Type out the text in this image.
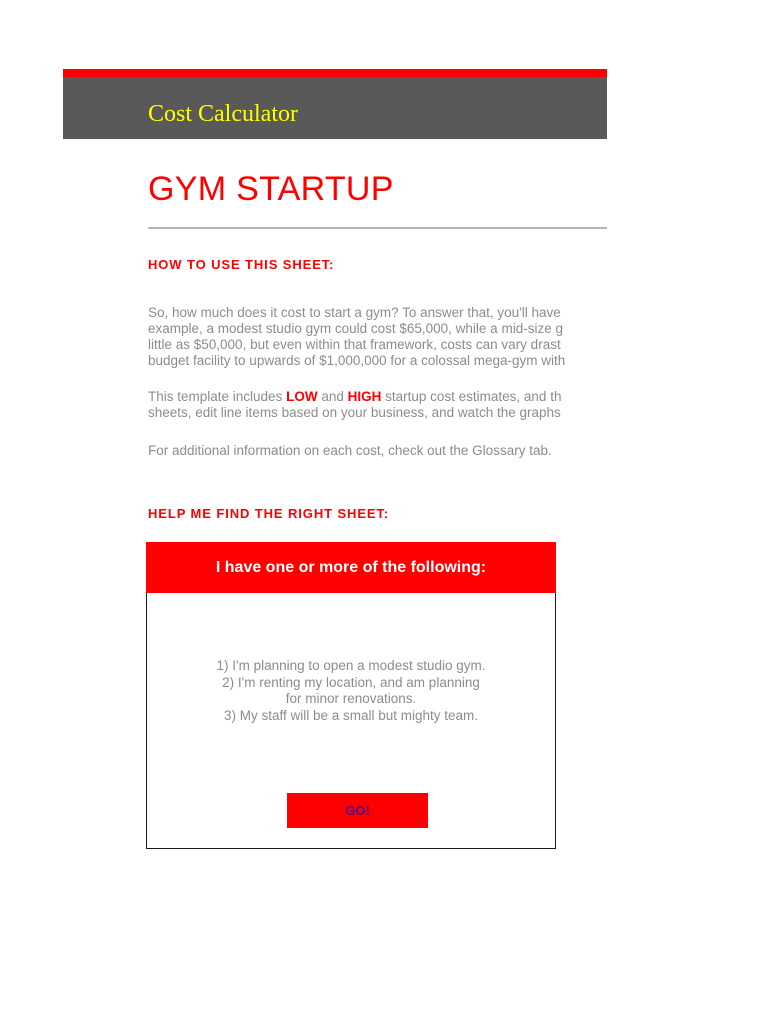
Cost Calculator
GYM STARTUP
HOW TO USE THIS SHEET:
So, how much does it cost to start a gym? To answer that, you'll have
example, a modest studio gym could cost $65,000, while a mid-size g
little as $50,000, but even within that framework, costs can vary drast
budget facility to upwards of $1,000,000 for a colossal mega-gym with
This template includes LOW and HIGH startup cost estimates, and th
sheets, edit line items based on your business, and watch the graphs
For additional information on each cost, check out the Glossary tab.
HELP ME FIND THE RIGHT SHEET:
I have one or more of the following:
1) I'm planning to open a modest studio gym.
2) I'm renting my location, and am planning
for minor renovations.
3) My staff will be a small but mighty team.
GO!
